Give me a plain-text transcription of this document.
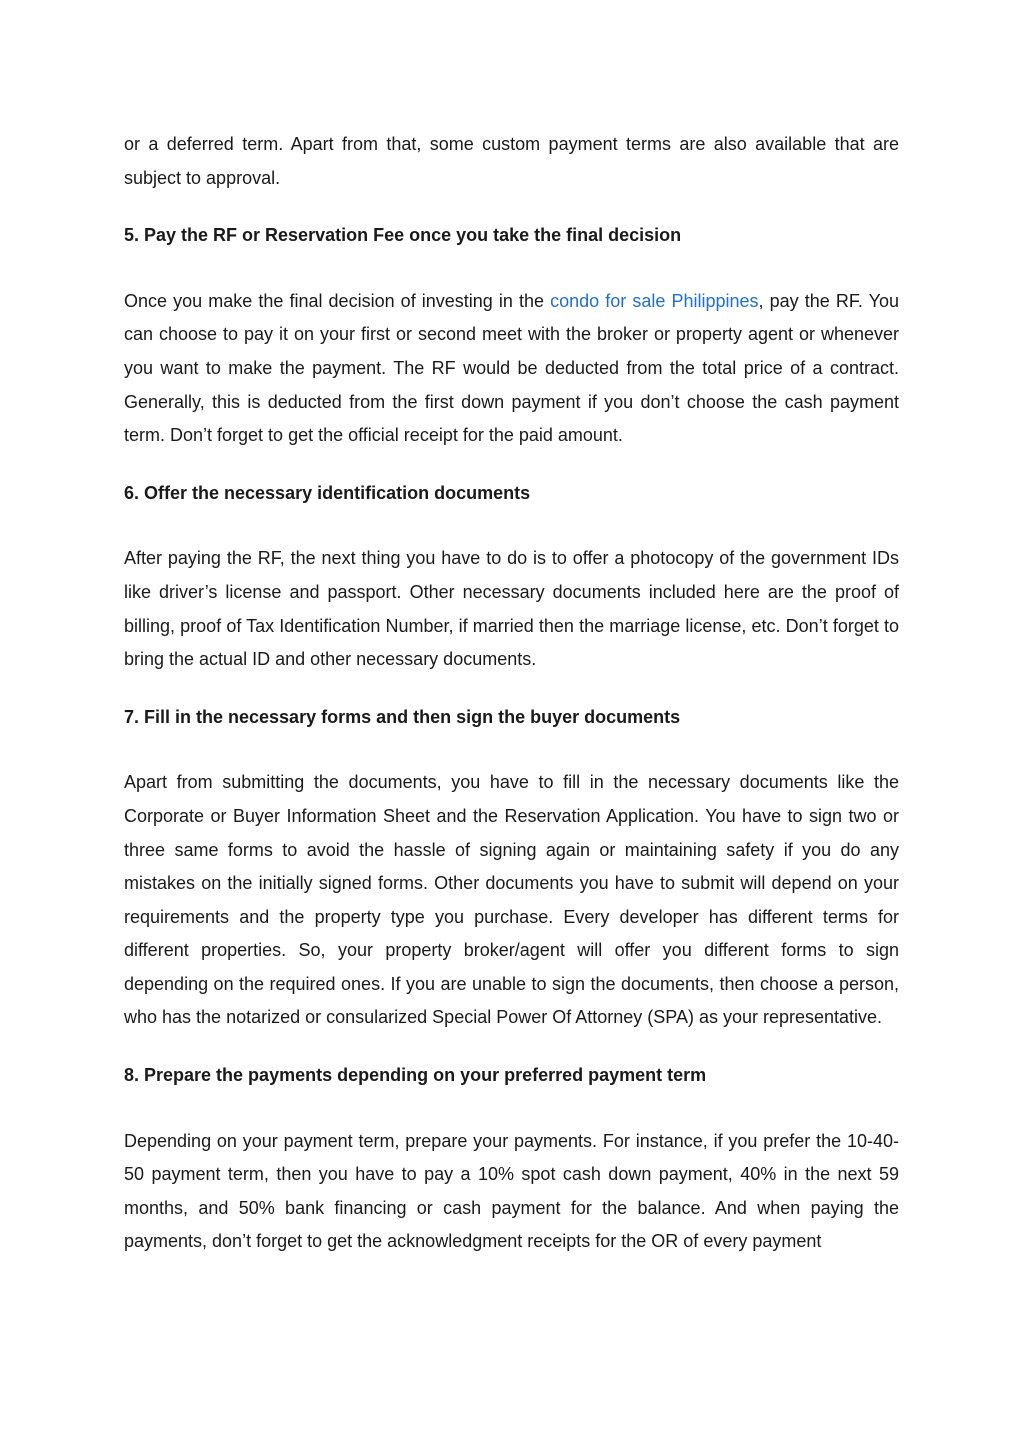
or a deferred term. Apart from that, some custom payment terms are also available that are subject to approval.

5. Pay the RF or Reservation Fee once you take the final decision

Once you make the final decision of investing in the condo for sale Philippines, pay the RF. You can choose to pay it on your first or second meet with the broker or property agent or whenever you want to make the payment. The RF would be deducted from the total price of a contract. Generally, this is deducted from the first down payment if you don’t choose the cash payment term. Don’t forget to get the official receipt for the paid amount.

6. Offer the necessary identification documents

After paying the RF, the next thing you have to do is to offer a photocopy of the government IDs like driver’s license and passport. Other necessary documents included here are the proof of billing, proof of Tax Identification Number, if married then the marriage license, etc. Don’t forget to bring the actual ID and other necessary documents.

7. Fill in the necessary forms and then sign the buyer documents

Apart from submitting the documents, you have to fill in the necessary documents like the Corporate or Buyer Information Sheet and the Reservation Application. You have to sign two or three same forms to avoid the hassle of signing again or maintaining safety if you do any mistakes on the initially signed forms. Other documents you have to submit will depend on your requirements and the property type you purchase. Every developer has different terms for different properties. So, your property broker/agent will offer you different forms to sign depending on the required ones. If you are unable to sign the documents, then choose a person, who has the notarized or consularized Special Power Of Attorney (SPA) as your representative.

8. Prepare the payments depending on your preferred payment term

Depending on your payment term, prepare your payments. For instance, if you prefer the 10-40-50 payment term, then you have to pay a 10% spot cash down payment, 40% in the next 59 months, and 50% bank financing or cash payment for the balance. And when paying the payments, don’t forget to get the acknowledgment receipts for the OR of every payment
